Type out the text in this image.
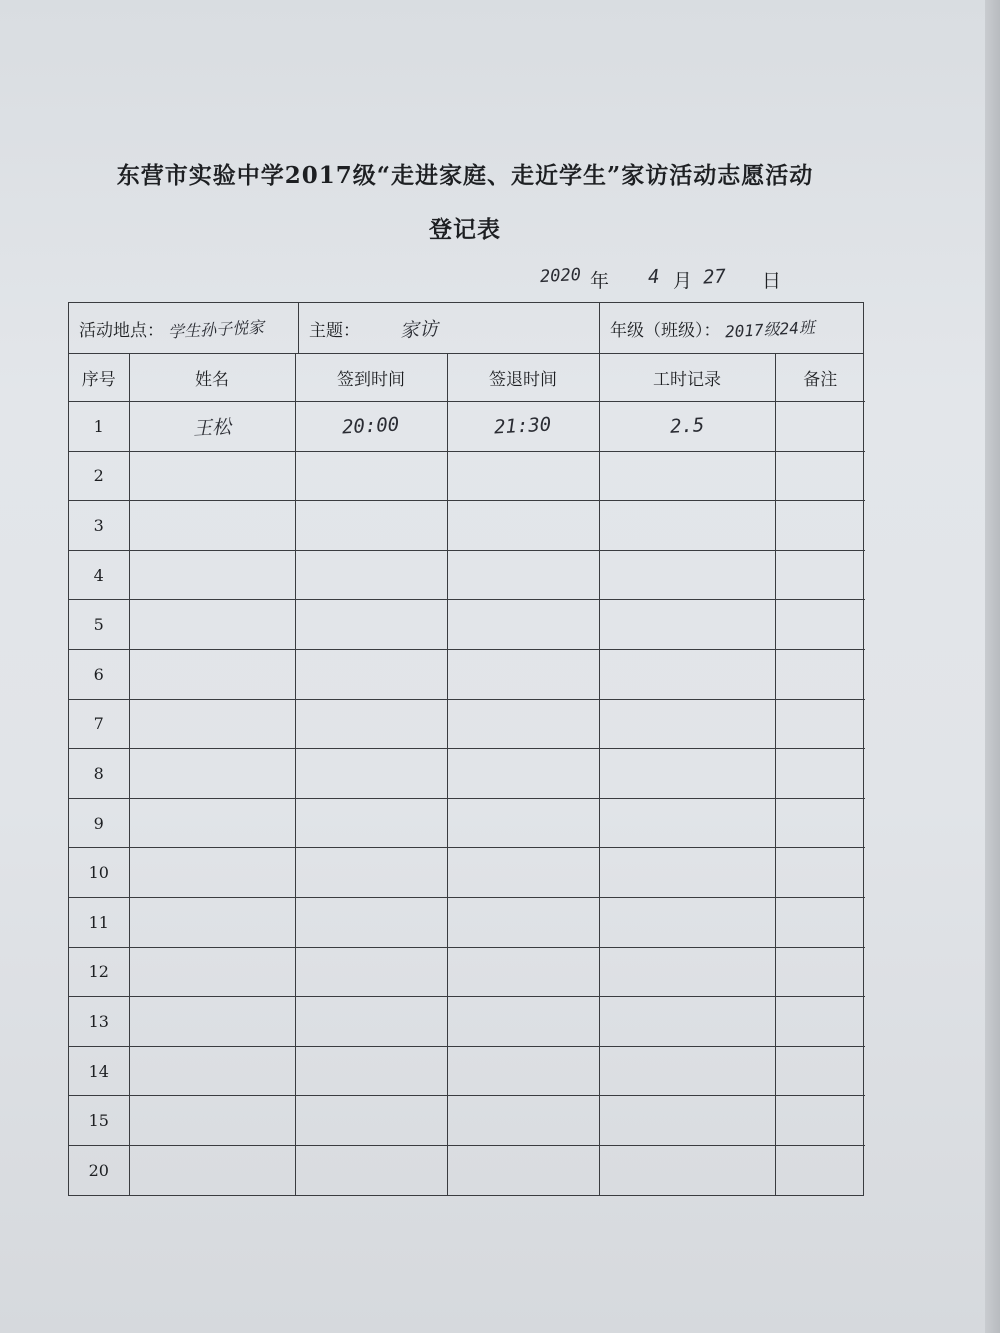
东营市实验中学2017级“走进家庭、走近学生”家访活动志愿活动
登记表
2020 年 4 月 27 日
活动地点： 学生孙子悦家	主题： 家访	年级（班级）： 2017级24班
序号	姓名	签到时间	签退时间	工时记录	备注
1	王松	20:00	21:30	2.5	
2					
3					
4					
5					
6					
7					
8					
9					
10					
11					
12					
13					
14					
15					
20					
